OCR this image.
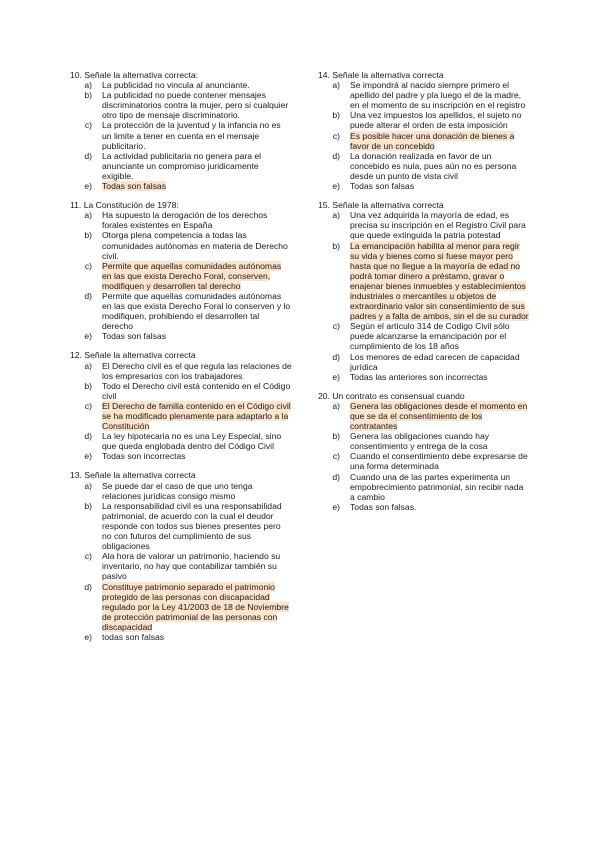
10. Señale la alternativa correcta:
a) La publicidad no vincula al anunciante.
b) La publicidad no puede contener mensajes discriminatorios contra la mujer, pero si cualquier otro tipo de mensaje discriminatorio.
c) La protección de la juventud y la infancia no es un limite a tener en cuenta en el mensaje publicitario.
d) La actividad publicitaria no genera para el anunciante un compromiso juridicamente exigible.
e) Todas son falsas
11. La Constitución de 1978:
a) Ha supuesto la derogación de los derechos forales existentes en España
b) Otorga plena competencia a todas las comunidades autónomas en materia de Derecho civil.
c) Permite que aquellas comunidades autónomas en las que exista Derecho Foral, conserven, modifiquen y desarrollen tal derecho
d) Permite que aquellas comunidades autónomas en las que exista Derecho Foral lo conserven y lo modifiquen, prohibiendo el desarrollen tal derecho
e) Todas son falsas
12. Señale la alternativa correcta
a) El Derecho civil es el que regula las relaciones de los empresarios con los trabajadores
b) Todo el Derecho civil está contenido en el Código civil
c) El Derecho de familia contenido en el Código civil se ha modificado plenamente para adaptarlo a la Constitución
d) La ley hipotecaria no es una Ley Especial, sino que queda englobada dentro del Código Civil
e) Todas son incorrectas
13. Señale la alternativa correcta
a) Se puede dar el caso de que uno tenga relaciones jurídicas consigo mismo
b) La responsabilidad civil es una responsabilidad patrimonial, de acuerdo con la cual el deudor responde con todos sus bienes presentes pero no con futuros del cumplimiento de sus obligaciones
c) Ala hora de valorar un patrimonio, haciendo su inventario, no hay que contabilizar también su pasivo
d) Constituye patrimonio separado el patrimonio protegido de las personas con discapacidad regulado por la Ley 41/2003 de 18 de Noviembre de protección patrimonial de las personas con discapacidad
e) todas son falsas
14. Señale la alternativa correcta
a) Se impondrá al nacido siempre primero el apellido del padre y pla luego el de la madre, en el momento de su inscripción en el registro
b) Una vez impuestos los apellidos, el sujeto no puede alterar el orden de esta imposición
c) Es posible hacer una donación de bienes a favor de un concebido
d) La donación realizada en favor de un concebido es nula, pues aún no es persona desde un punto de vista civil
e) Todas son falsas
15. Señale la alternativa correcta
a) Una vez adquirida la mayoría de edad, es precisa su inscripción en el Registro Civil para que quede extinguida la patria potestad
b) La emancipación habilita al menor para regir su vida y bienes como si fuese mayor pero hasta que no llegue a la mayoría de edad no podrá tomar dinero a préstamo, gravar o enajenar bienes inmuebles y establecimientos industriales o mercantiles u objetos de extraordinario valor sin consentimiento de sus padres y a falta de ambos, sin el de su curador
c) Según el artículo 314 de Codigo Civil sólo puede alcanzarse la emancipación por el cumplimiento de los 18 años
d) Los menores de edad carecen de capacidad jurídica
e) Todas las anteriores son incorrectas
20. Un contrato es consensual cuando
a) Genera las obligaciones desde el momento en que se da el consentimiento de los contratantes
b) Genera las obligaciones cuando hay consentimiento y entrega de la cosa
c) Cuando el consentimiento debe expresarse de una forma determinada
d) Cuando una de las partes experimenta un empobrecimiento patrimonial, sin recibir nada a cambio
e) Todas son falsas.
